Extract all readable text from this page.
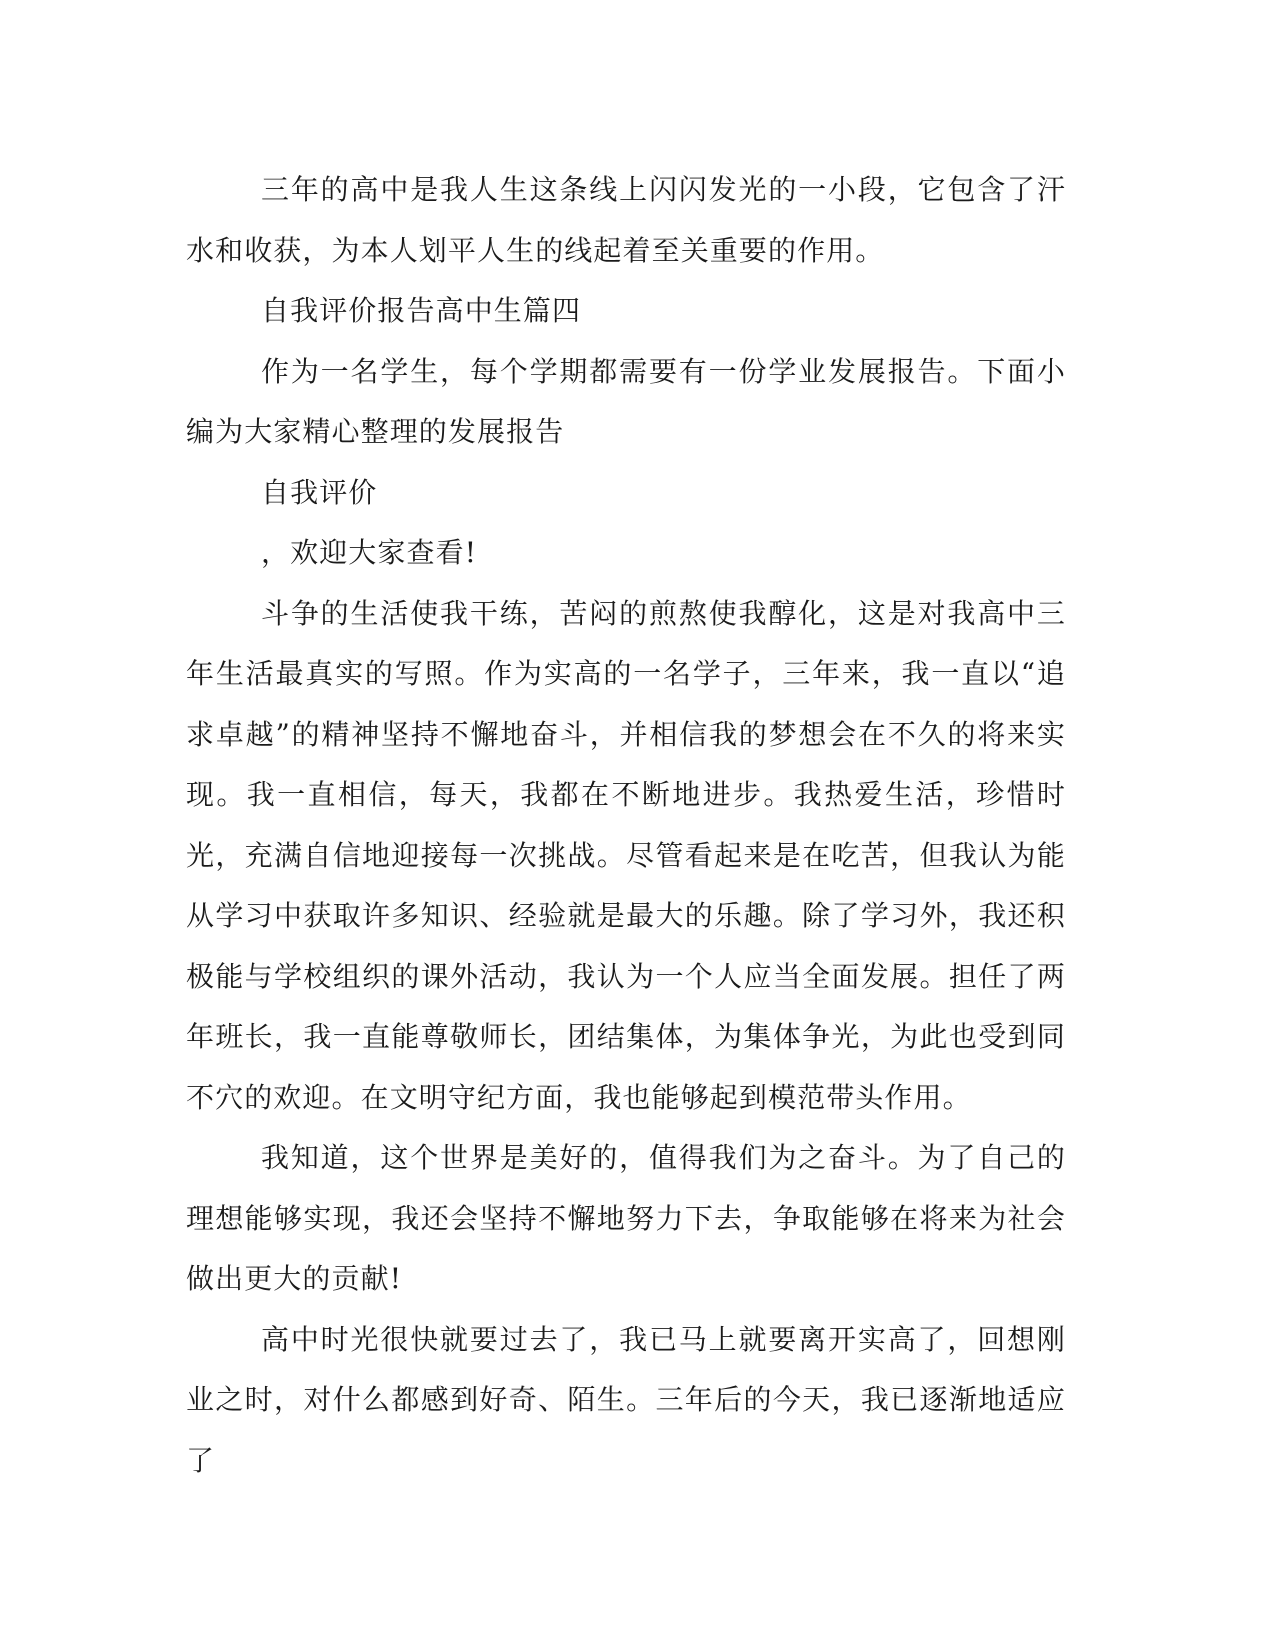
三年的高中是我人生这条线上闪闪发光的一小段，它包含了汗水和收获，为本人划平人生的线起着至关重要的作用。

自我评价报告高中生篇四

作为一名学生，每个学期都需要有一份学业发展报告。下面小编为大家精心整理的发展报告

自我评价

，欢迎大家查看!

斗争的生活使我干练，苦闷的煎熬使我醇化，这是对我高中三年生活最真实的写照。作为实高的一名学子，三年来，我一直以“追求卓越”的精神坚持不懈地奋斗，并相信我的梦想会在不久的将来实现。我一直相信，每天，我都在不断地进步。我热爱生活，珍惜时光，充满自信地迎接每一次挑战。尽管看起来是在吃苦，但我认为能从学习中获取许多知识、经验就是最大的乐趣。除了学习外，我还积极能与学校组织的课外活动，我认为一个人应当全面发展。担任了两年班长，我一直能尊敬师长，团结集体，为集体争光，为此也受到同不穴的欢迎。在文明守纪方面，我也能够起到模范带头作用。

我知道，这个世界是美好的，值得我们为之奋斗。为了自己的理想能够实现，我还会坚持不懈地努力下去，争取能够在将来为社会做出更大的贡献!

高中时光很快就要过去了，我已马上就要离开实高了，回想刚业之时，对什么都感到好奇、陌生。三年后的今天，我已逐渐地适应了
